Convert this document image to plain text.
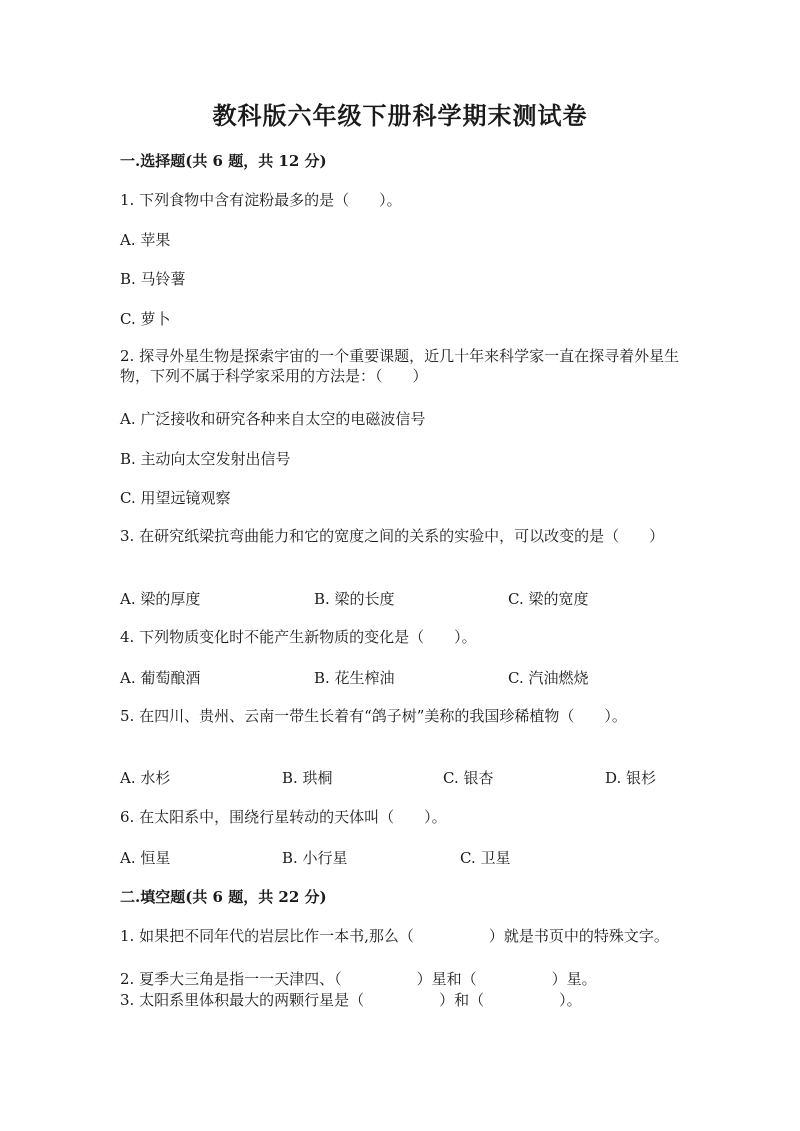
教科版六年级下册科学期末测试卷
一.选择题(共 6 题，共 12 分)
1. 下列食物中含有淀粉最多的是（　　）。
A. 苹果
B. 马铃薯
C. 萝卜
2. 探寻外星生物是探索宇宙的一个重要课题，近几十年来科学家一直在探寻着外星生物，下列不属于科学家采用的方法是：（　　）
A. 广泛接收和研究各种来自太空的电磁波信号
B. 主动向太空发射出信号
C. 用望远镜观察
3. 在研究纸梁抗弯曲能力和它的宽度之间的关系的实验中，可以改变的是（　　）
A. 梁的厚度	B. 梁的长度	C. 梁的宽度
4. 下列物质变化时不能产生新物质的变化是（　　）。
A. 葡萄酿酒	B. 花生榨油	C. 汽油燃烧
5. 在四川、贵州、云南一带生长着有“鸽子树”美称的我国珍稀植物（　　）。
A. 水杉	B. 珙桐	C. 银杏	D. 银杉
6. 在太阳系中，围绕行星转动的天体叫（　　）。
A. 恒星	B. 小行星	C. 卫星
二.填空题(共 6 题，共 22 分)
1. 如果把不同年代的岩层比作一本书,那么（　　　　　）就是书页中的特殊文字。
2. 夏季大三角是指一一天津四、（　　　　　）星和（　　　　　）星。
3. 太阳系里体积最大的两颗行星是（　　　　　）和（　　　　　）。
